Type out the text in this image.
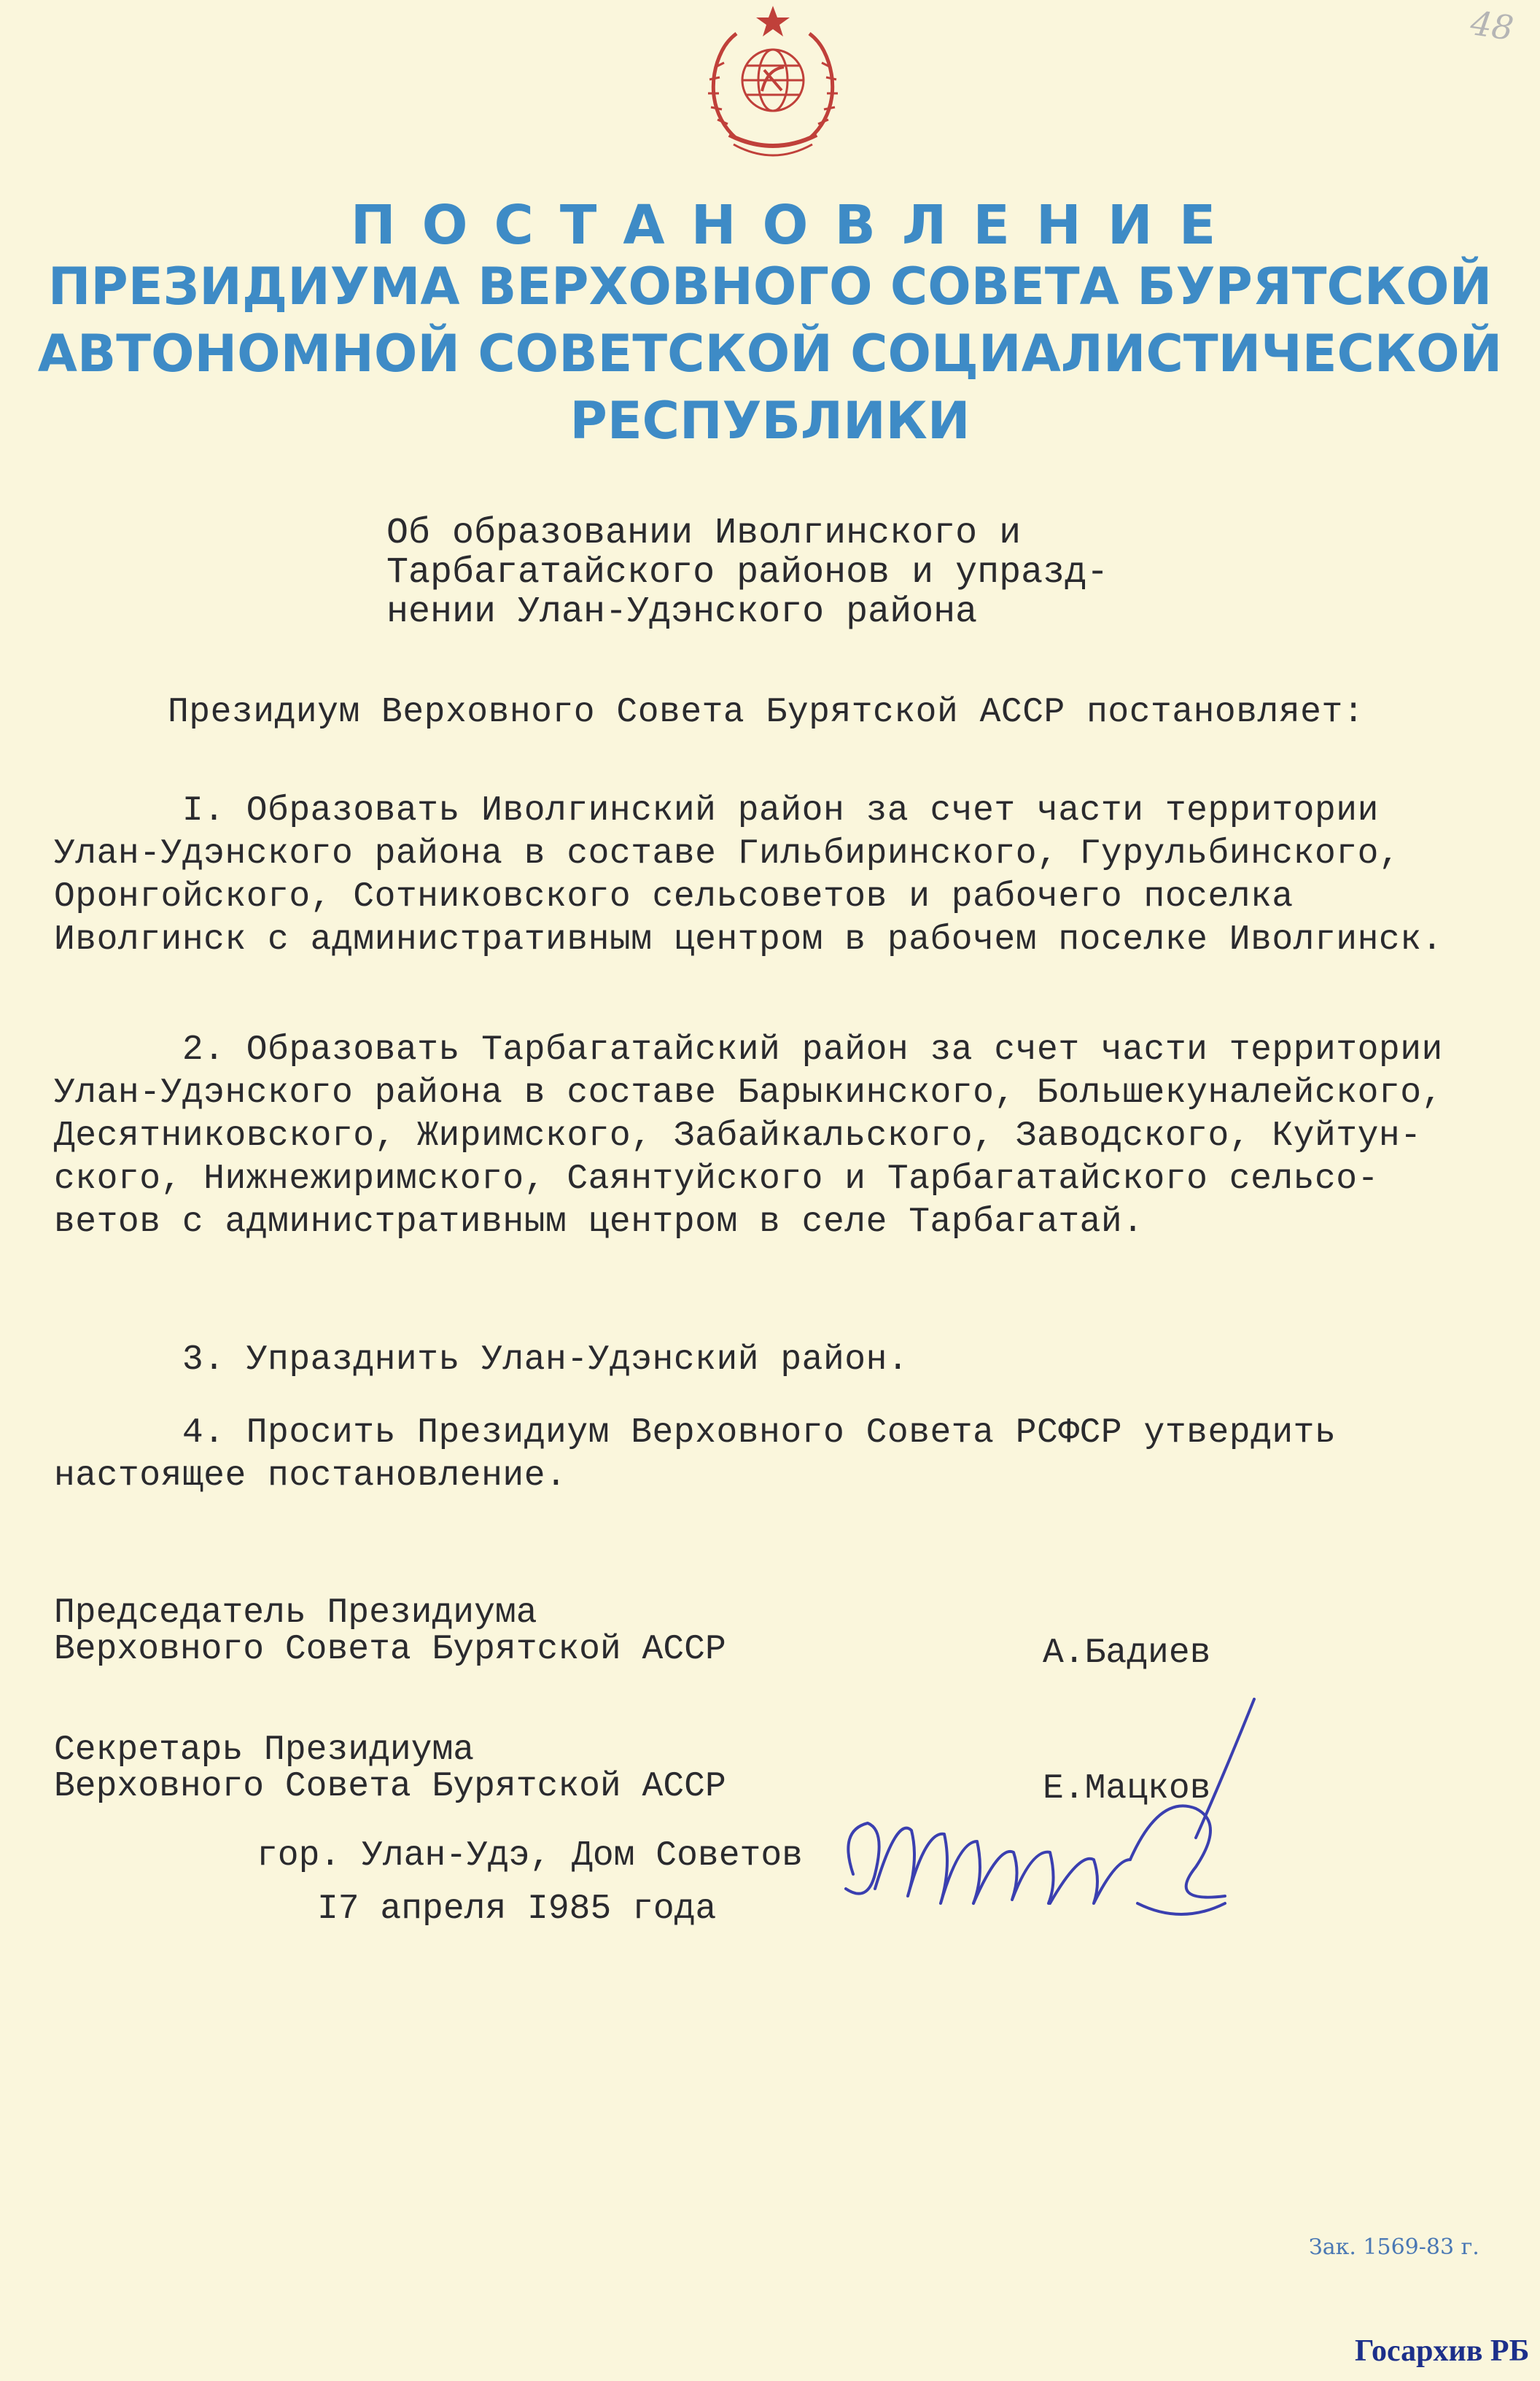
48
ПОСТАНОВЛЕНИЕ
ПРЕЗИДИУМА ВЕРХОВНОГО СОВЕТА БУРЯТСКОЙ
АВТОНОМНОЙ СОВЕТСКОЙ СОЦИАЛИСТИЧЕСКОЙ
РЕСПУБЛИКИ
Об образовании Иволгинского и
Тарбагатайского районов и упразд-
нении Улан-Удэнского района
Президиум Верховного Совета Бурятской АССР постановляет:
I. Образовать Иволгинский район за счет части территории
Улан-Удэнского района в составе Гильбиринского, Гурульбинского,
Оронгойского, Сотниковского сельсоветов и рабочего поселка
Иволгинск с административным центром в рабочем поселке Иволгинск.
2. Образовать Тарбагатайский район за счет части территории
Улан-Удэнского района в составе Барыкинского, Большекуналейского,
Десятниковского, Жиримского, Забайкальского, Заводского, Куйтун-
ского, Нижнежиримского, Саянтуйского и Тарбагатайского сельсо-
ветов с административным центром в селе Тарбагатай.
3. Упразднить Улан-Удэнский район.
4. Просить Президиум Верховного Совета РСФСР утвердить
настоящее постановление.
Председатель Президиума
Верховного Совета Бурятской АССР	А.Бадиев
Секретарь Президиума
Верховного Совета Бурятской АССР	Е.Мацков
гор. Улан-Удэ, Дом Советов
I7 апреля I985 года
Зак. 1569-83 г.
Госархив РБ
